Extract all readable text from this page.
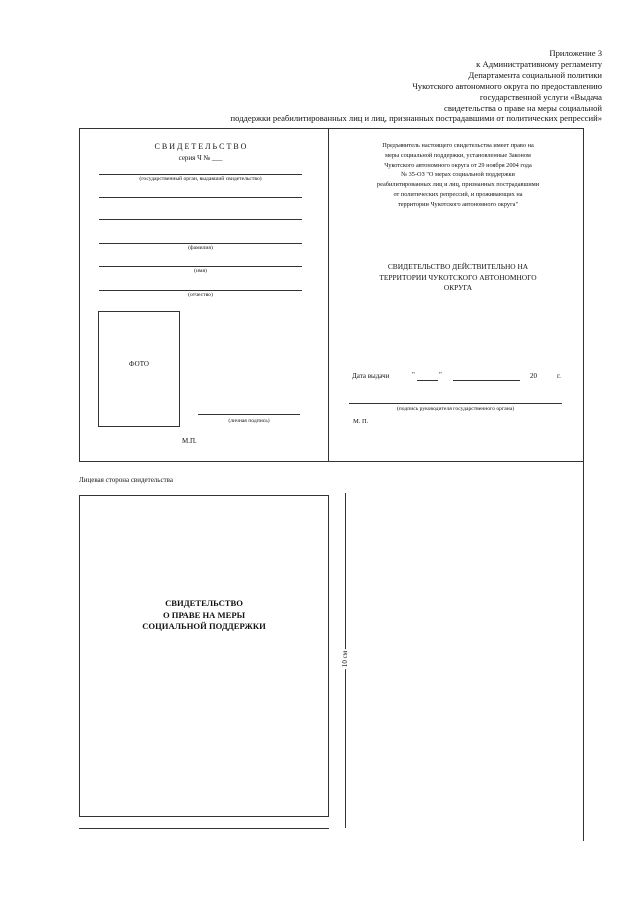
Приложение 3
к Административному регламенту
Департамента социальной политики
Чукотского автономного округа по предоставлению
государственной услуги «Выдача
свидетельства о праве на меры социальной
поддержки реабилитированных лиц и лиц, признанных пострадавшими от политических репрессий»
С В И Д Е Т Е Л Ь С Т В О
серия Ч № ___
(государственный орган, выдавший свидетельство)
(фамилия)
(имя)
(отчество)
ФОТО
(личная подпись)
М.П.
Предъявитель настоящего свидетельства имеет право на
меры социальной поддержки, установленные Законом
Чукотского автономного округа от 29 ноября 2004 года
№ 35-ОЗ "О мерах социальной поддержки
реабилитированных лиц и лиц, признанных пострадавшими
от политических репрессий, и проживающих на
территории Чукотского автономного округа"
СВИДЕТЕЛЬСТВО ДЕЙСТВИТЕЛЬНО НА
ТЕРРИТОРИИ ЧУКОТСКОГО АВТОНОМНОГО
ОКРУГА
Дата выдачи	"	"	20	г.
(подпись руководителя государственного органа)
М. П.
Лицевая сторона свидетельства
СВИДЕТЕЛЬСТВО
О ПРАВЕ НА МЕРЫ
СОЦИАЛЬНОЙ ПОДДЕРЖКИ
10 см
